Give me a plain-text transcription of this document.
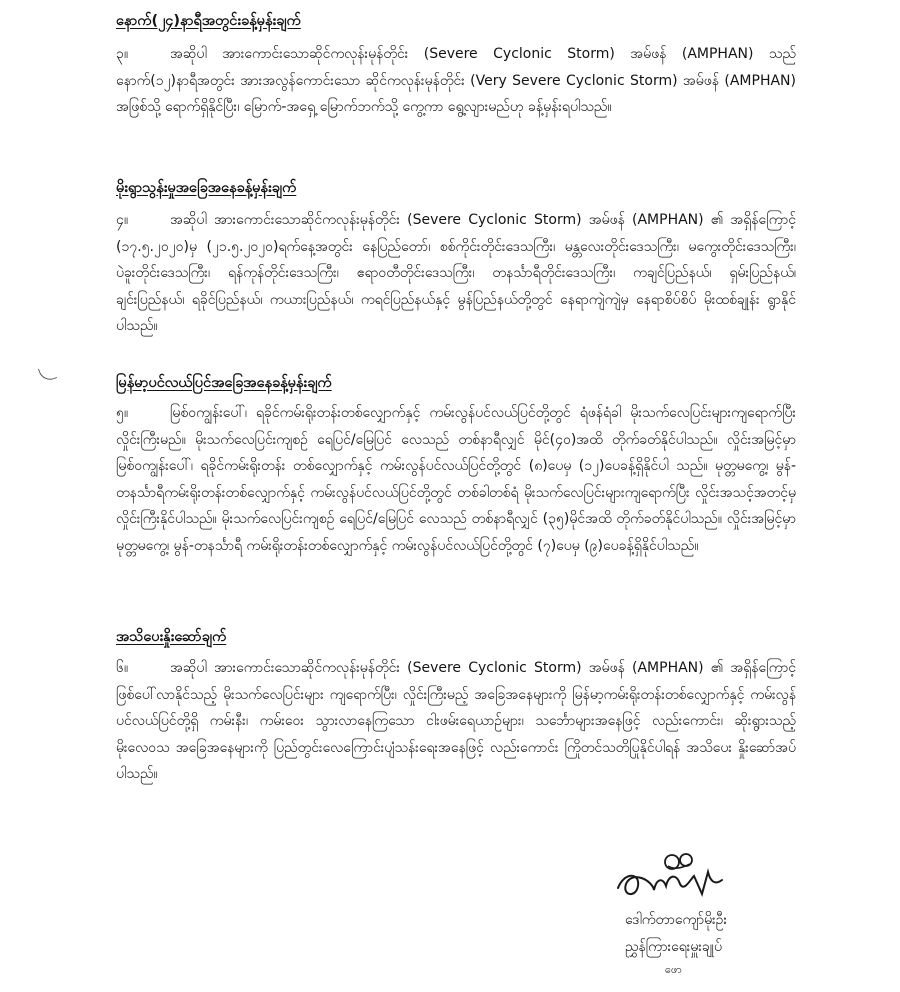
နောက်(၂၄)နာရီအတွင်းခန့်မှန်းချက်

၃။	အဆိုပါ အားကောင်းသောဆိုင်ကလုန်းမုန်တိုင်း (Severe Cyclonic Storm) အမ်ဖန် (AMPHAN) သည် နောက်(၁၂)နာရီအတွင်း အားအလွန်ကောင်းသော ဆိုင်ကလုန်းမုန်တိုင်း (Very Severe Cyclonic Storm) အမ်ဖန် (AMPHAN) အဖြစ်သို့ ရောက်ရှိနိုင်ပြီး၊ မြောက်-အရှေ့ မြောက်ဘက်သို့ ကွေ့ကာ ရွေ့လျားမည်ဟု ခန့်မှန်းရပါသည်။

မိုးရွာသွန်းမှုအခြေအနေခန့်မှန်းချက်

၄။	အဆိုပါ အားကောင်းသောဆိုင်ကလုန်းမုန်တိုင်း (Severe Cyclonic Storm) အမ်ဖန် (AMPHAN) ၏ အရှိန်ကြောင့် (၁၇.၅.၂၀၂၀)မှ (၂၁.၅.၂၀၂၀)ရက်နေ့အတွင်း နေပြည်တော်၊ စစ်ကိုင်းတိုင်းဒေသကြီး၊ မန္တလေးတိုင်းဒေသကြီး၊ မကွေးတိုင်းဒေသကြီး၊ ပဲခူးတိုင်းဒေသကြီး၊ ရန်ကုန်တိုင်းဒေသကြီး၊ ဧရာဝတီတိုင်းဒေသကြီး၊ တနင်္သာရီတိုင်းဒေသကြီး၊ ကချင်ပြည်နယ်၊ ရှမ်းပြည်နယ်၊ ချင်းပြည်နယ်၊ ရခိုင်ပြည်နယ်၊ ကယားပြည်နယ်၊ ကရင်ပြည်နယ်နှင့် မွန်ပြည်နယ်တို့တွင် နေရာကျဲကျဲမှ နေရာစိပ်စိပ် မိုးထစ်ချုန်း ရွာနိုင်ပါသည်။

မြန်မာ့ပင်လယ်ပြင်အခြေအနေခန့်မှန်းချက်

၅။	မြစ်ဝကျွန်းပေါ်၊ ရခိုင်ကမ်းရိုးတန်းတစ်လျှောက်နှင့် ကမ်းလွန်ပင်လယ်ပြင်တို့တွင် ရံဖန်ရံခါ မိုးသက်လေပြင်းများကျရောက်ပြီး လှိုင်းကြီးမည်။ မိုးသက်လေပြင်းကျစဉ် ရေပြင်/မြေပြင် လေသည် တစ်နာရီလျှင် မိုင်(၄၀)အထိ တိုက်ခတ်နိုင်ပါသည်။ လှိုင်းအမြင့်မှာ မြစ်ဝကျွန်းပေါ်၊ ရခိုင်ကမ်းရိုးတန်း တစ်လျှောက်နှင့် ကမ်းလွန်ပင်လယ်ပြင်တို့တွင် (၈)ပေမှ (၁၂)ပေခန့်ရှိနိုင်ပါ သည်။ မုတ္တမကွေ့၊ မွန်-တနင်္သာရီကမ်းရိုးတန်းတစ်လျှောက်နှင့် ကမ်းလွန်ပင်လယ်ပြင်တို့တွင် တစ်ခါတစ်ရံ မိုးသက်လေပြင်းများကျရောက်ပြီး လှိုင်းအသင့်အတင့်မှ လှိုင်းကြီးနိုင်ပါသည်။ မိုးသက်လေပြင်းကျစဉ် ရေပြင်/မြေပြင် လေသည် တစ်နာရီလျှင် (၃၅)မိုင်အထိ တိုက်ခတ်နိုင်ပါသည်။ လှိုင်းအမြင့်မှာ မုတ္တမကွေ့၊ မွန်-တနင်္သာရီ ကမ်းရိုးတန်းတစ်လျှောက်နှင့် ကမ်းလွန်ပင်လယ်ပြင်တို့တွင် (၇)ပေမှ (၉)ပေခန့်ရှိနိုင်ပါသည်။

အသိပေးနှိုးဆော်ချက်

၆။	အဆိုပါ အားကောင်းသောဆိုင်ကလုန်းမုန်တိုင်း (Severe Cyclonic Storm) အမ်ဖန် (AMPHAN) ၏ အရှိန်ကြောင့် ဖြစ်ပေါ်လာနိုင်သည့် မိုးသက်လေပြင်းများ ကျရောက်ပြီး၊ လှိုင်းကြီးမည့် အခြေအနေများကို မြန်မာ့ကမ်းရိုးတန်းတစ်လျှောက်နှင့် ကမ်းလွန်ပင်လယ်ပြင်တို့ရှိ ကမ်းနီး၊ ကမ်းဝေး သွားလာနေကြသော ငါးဖမ်းရေယာဉ်များ၊ သင်္ဘောများအနေဖြင့် လည်းကောင်း၊ ဆိုးရွားသည့် မိုးလေဝသ အခြေအနေများကို ပြည်တွင်းလေကြောင်းပျံသန်းရေးအနေဖြင့် လည်းကောင်း ကြိုတင်သတိပြုနိုင်ပါရန် အသိပေး နှိုးဆော်အပ်ပါသည်။

ဒေါက်တာကျော်မိုးဦး
ညွှန်ကြားရေးမှူးချုပ်
ဖော
